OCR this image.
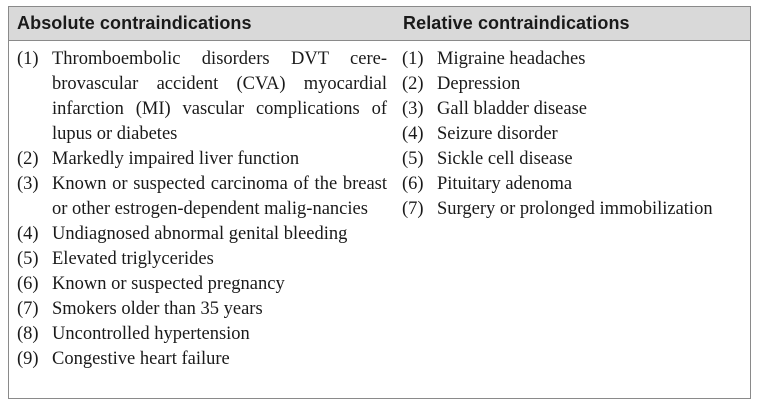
Absolute contraindications	Relative contraindications
(1) Thromboembolic disorders DVT cere-brovascular accident (CVA) myocardial infarction (MI) vascular complications of lupus or diabetes
(2) Markedly impaired liver function
(3) Known or suspected carcinoma of the breast or other estrogen-dependent malig-nancies
(4) Undiagnosed abnormal genital bleeding
(5) Elevated triglycerides
(6) Known or suspected pregnancy
(7) Smokers older than 35 years
(8) Uncontrolled hypertension
(9) Congestive heart failure
(1) Migraine headaches
(2) Depression
(3) Gall bladder disease
(4) Seizure disorder
(5) Sickle cell disease
(6) Pituitary adenoma
(7) Surgery or prolonged immobilization
